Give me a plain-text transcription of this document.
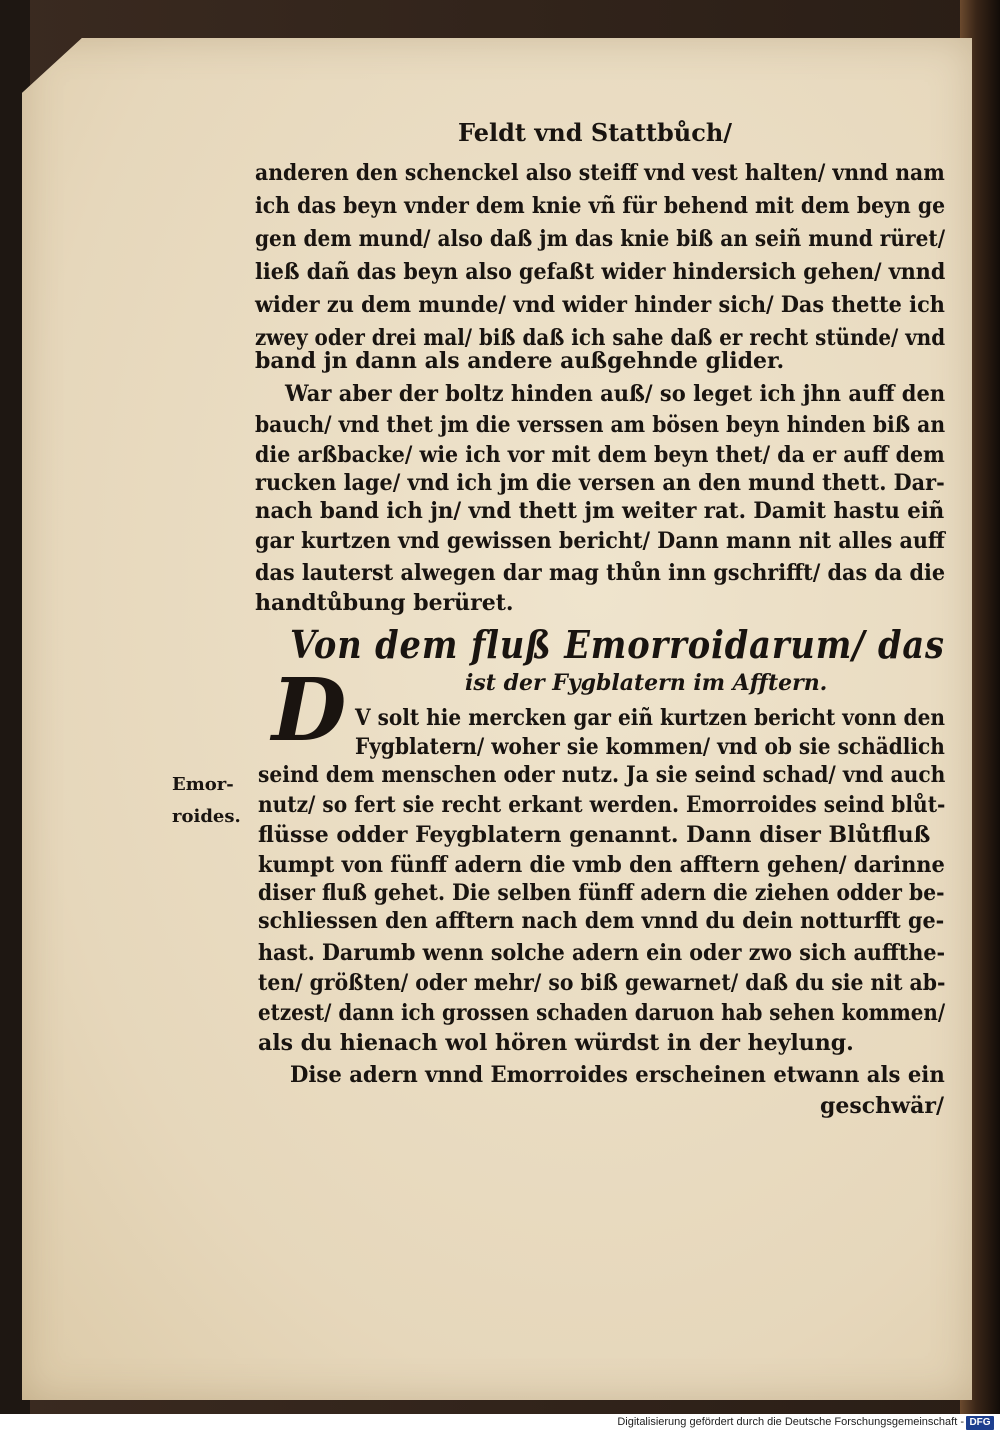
Feldt vnd Stattbůch/
anderen den schenckel also steiff vnd vest halten/ vnnd nam
ich das beyn vnder dem knie vñ für behend mit dem beyn ge
gen dem mund/ also daß jm das knie biß an seiñ mund rüret/
ließ dañ das beyn also gefaßt wider hindersich gehen/ vnnd
wider zu dem munde/ vnd wider hinder sich/ Das thette ich
zwey oder drei mal/ biß daß ich sahe daß er recht stünde/ vnd
band jn dann als andere außgehnde glider.
War aber der boltz hinden auß/ so leget ich jhn auff den
bauch/ vnd thet jm die verssen am bösen beyn hinden biß an
die arßbacke/ wie ich vor mit dem beyn thet/ da er auff dem
rucken lage/ vnd ich jm die versen an den mund thett. Dar-
nach band ich jn/ vnd thett jm weiter rat. Damit hastu eiñ
gar kurtzen vnd gewissen bericht/ Dann mann nit alles auff
das lauterst alwegen dar mag thůn inn gschrifft/ das da die
handtůbung berüret.
Von dem fluß Emorroidarum/ das
ist der Fygblatern im Afftern.
D V solt hie mercken gar eiñ kurtzen bericht vonn den
Fygblatern/ woher sie kommen/ vnd ob sie schädlich
seind dem menschen oder nutz. Ja sie seind schad/ vnd auch
nutz/ so fert sie recht erkant werden. Emorroides seind blůt-
flüsse odder Feygblatern genannt. Dann diser Blůtfluß
kumpt von fünff adern die vmb den afftern gehen/ darinne
diser fluß gehet. Die selben fünff adern die ziehen odder be-
schliessen den afftern nach dem vnnd du dein notturfft ge-
hast. Darumb wenn solche adern ein oder zwo sich auffthe-
ten/ größten/ oder mehr/ so biß gewarnet/ daß du sie nit ab-
etzest/ dann ich grossen schaden daruon hab sehen kommen/
als du hienach wol hören würdst in der heylung.
Dise adern vnnd Emorroides erscheinen etwann als ein
geschwär/
Emor-
roides.
Digitalisierung gefördert durch die Deutsche Forschungsgemeinschaft - DFG
